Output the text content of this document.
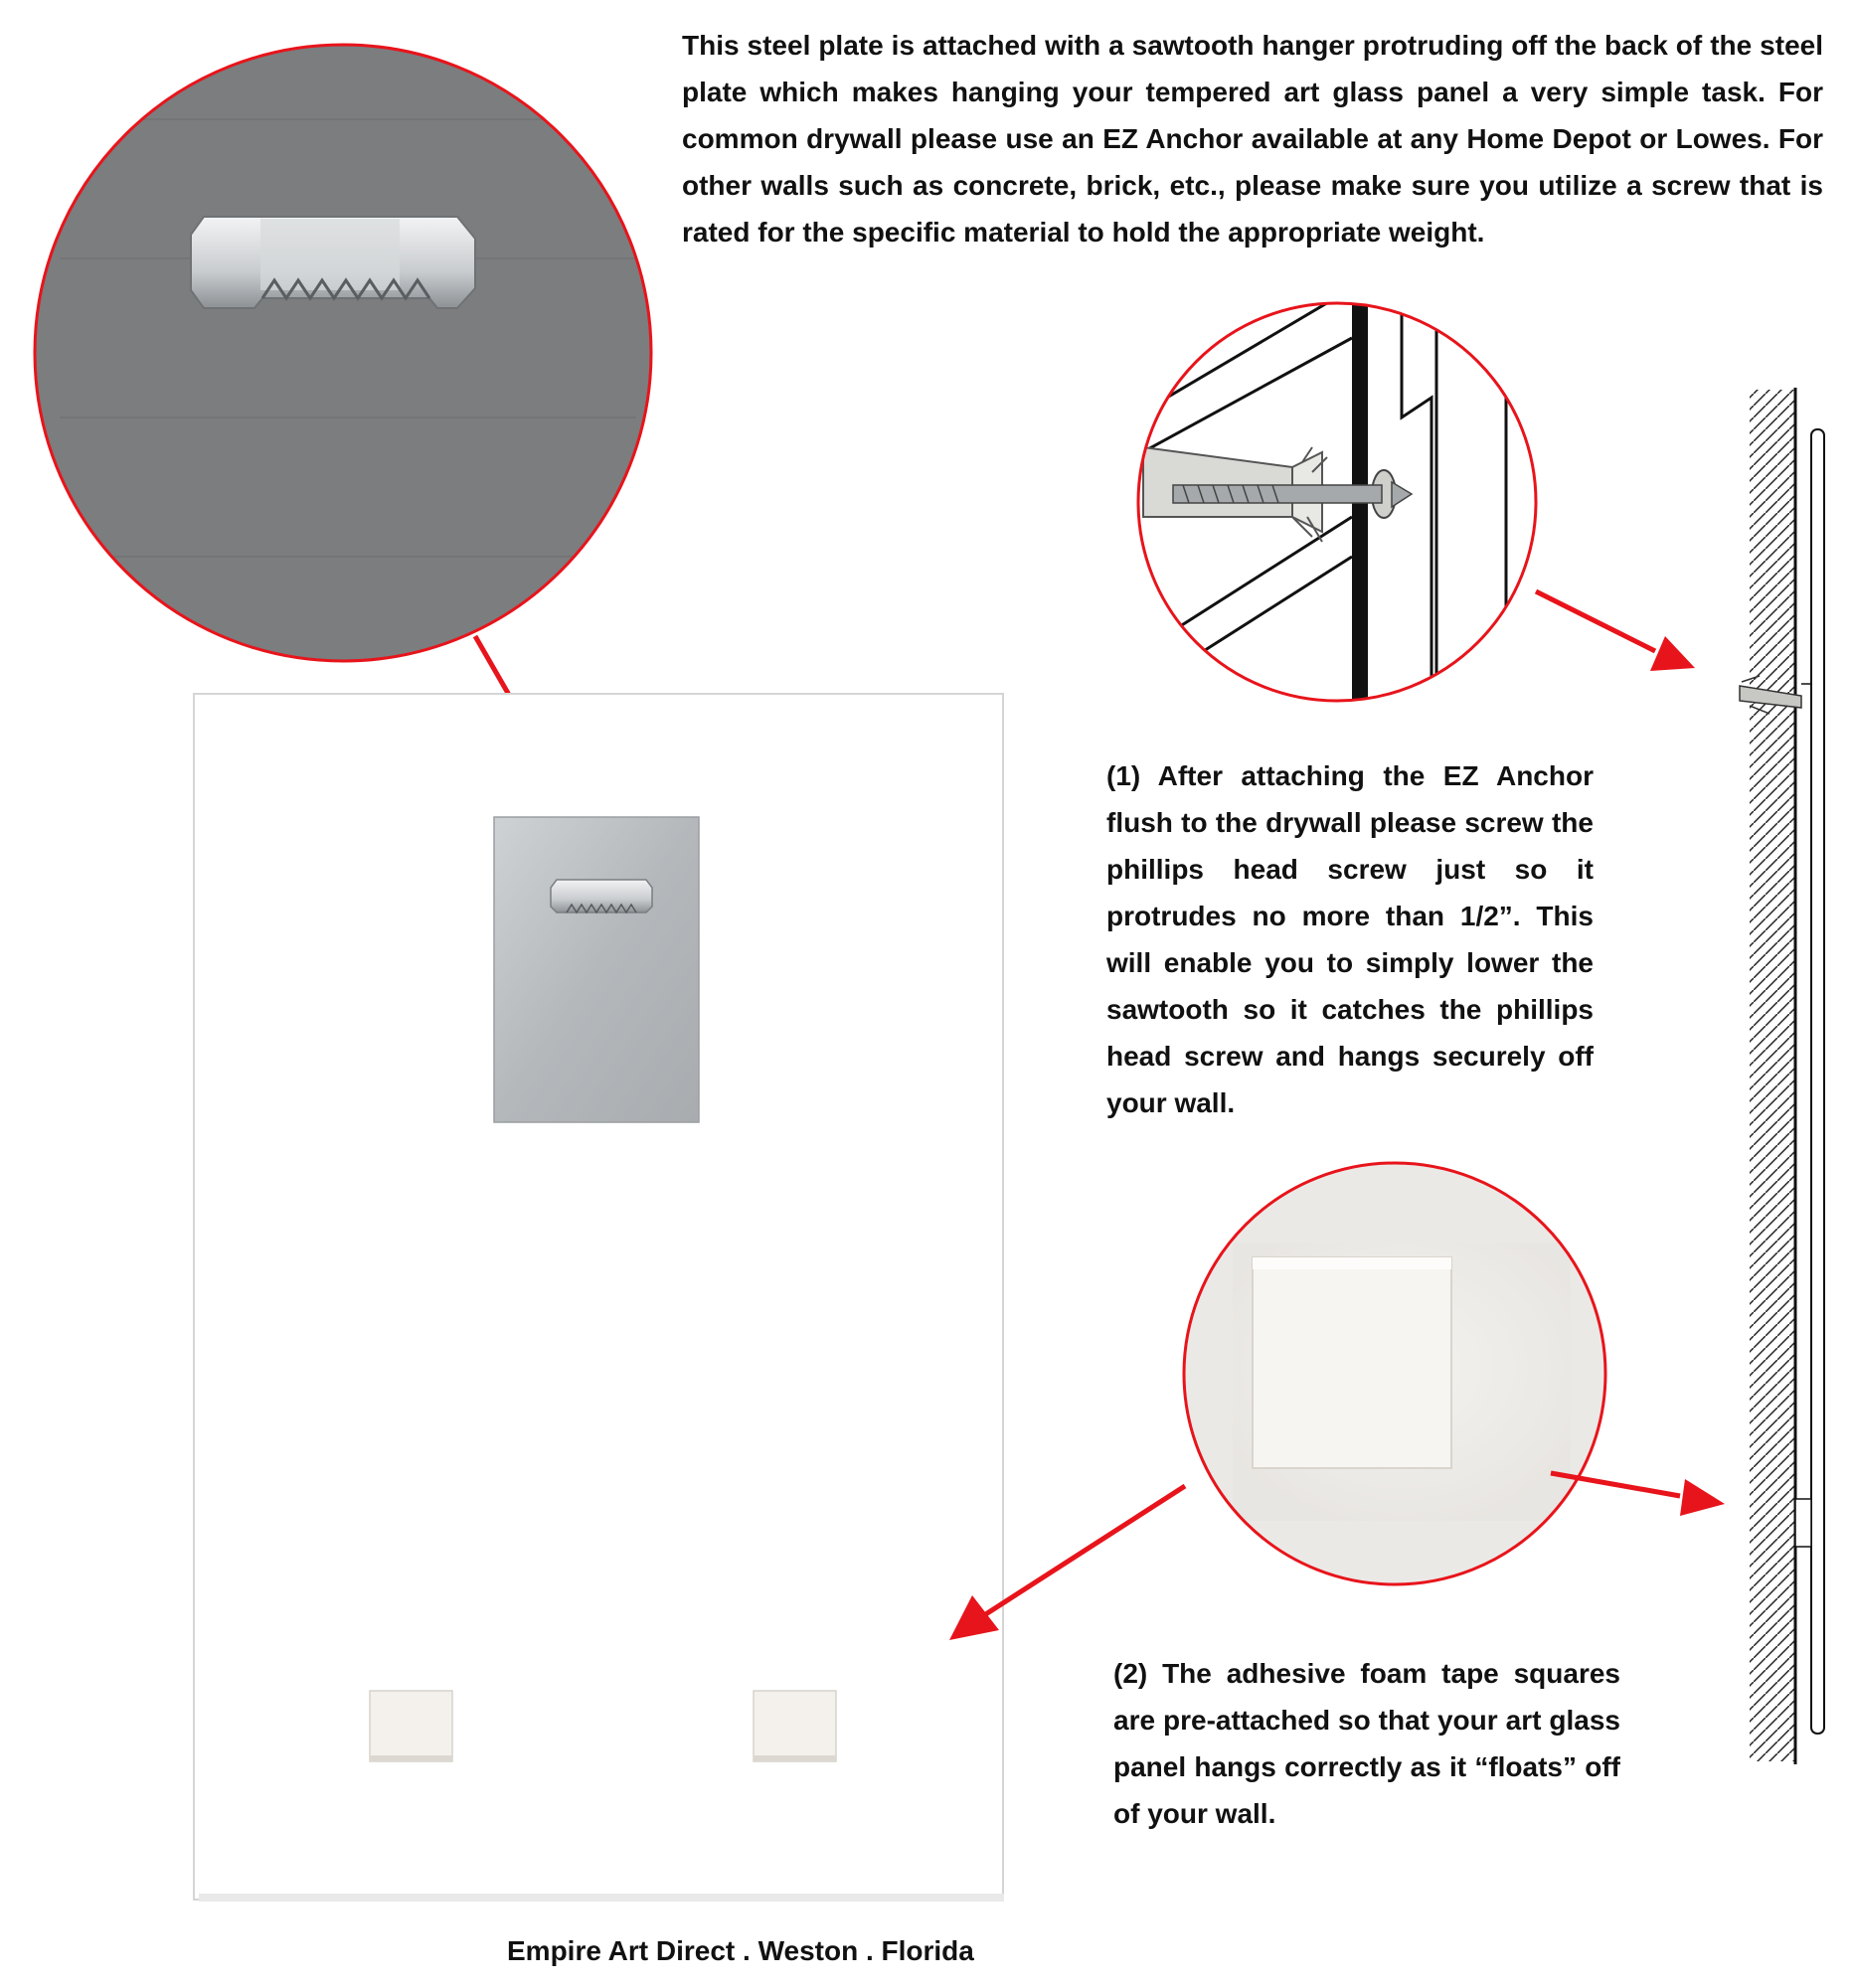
This steel plate is attached with a sawtooth hanger protruding off the back of the steel plate which makes hanging your tempered art glass panel a very simple task. For common drywall please use an EZ Anchor available at any Home Depot or Lowes. For other walls such as concrete, brick, etc., please make sure you utilize a screw that is rated for the specific material to hold the appropriate weight.
(1) After attaching the EZ Anchor flush to the drywall please screw the phillips head screw just so it protrudes no more than 1/2”. This will enable you to simply lower the sawtooth so it catches the phillips head screw and hangs securely off your wall.
(2) The adhesive foam tape squares are pre-attached so that your art glass panel hangs correctly as it “floats” off of your wall.
Empire Art Direct . Weston . Florida
